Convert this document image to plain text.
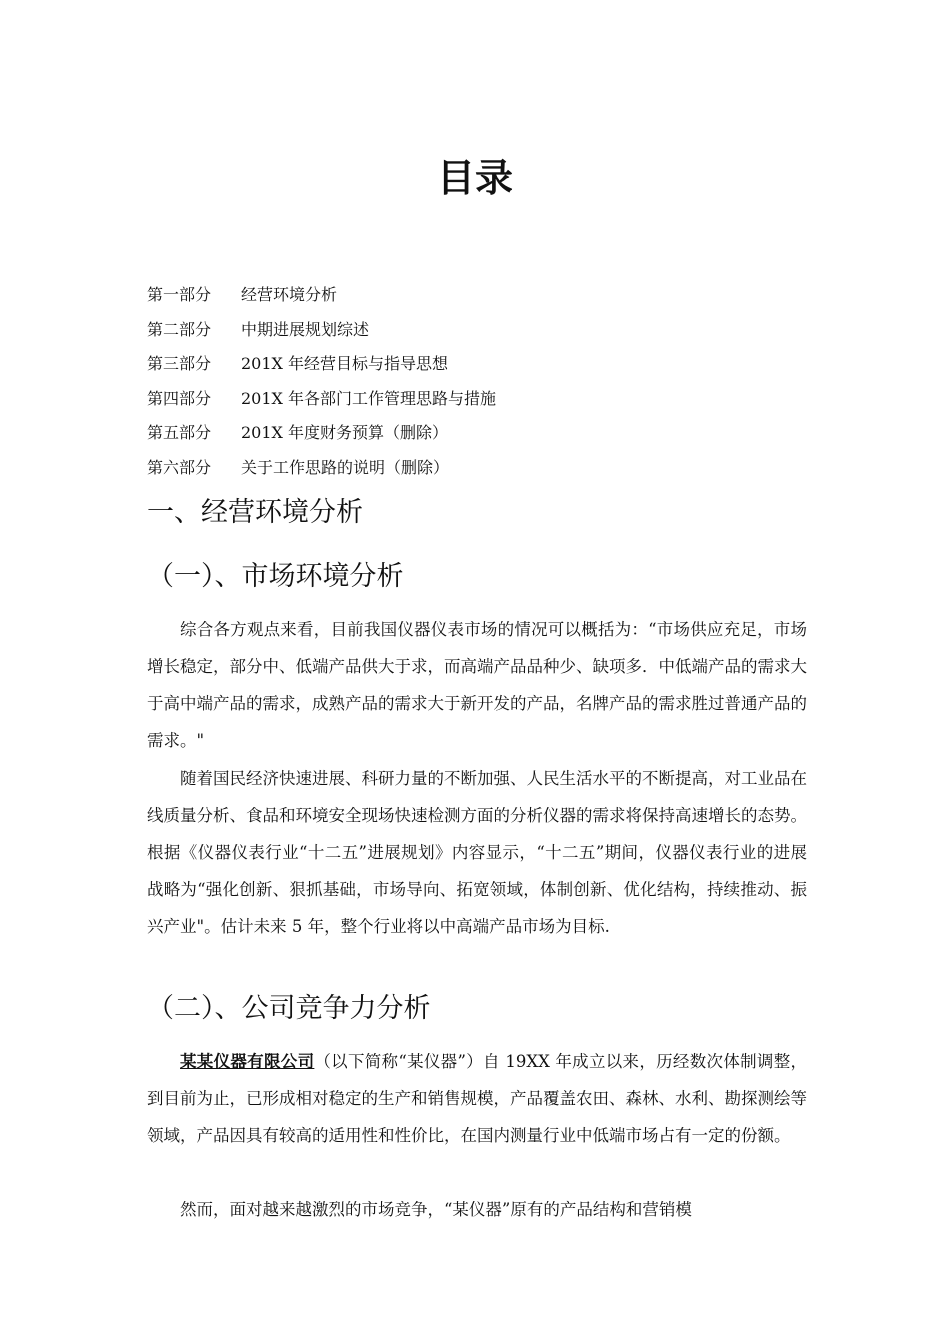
目录
第一部分 经营环境分析
第二部分 中期进展规划综述
第三部分 201X 年经营目标与指导思想
第四部分 201X 年各部门工作管理思路与措施
第五部分 201X 年度财务预算（删除）
第六部分 关于工作思路的说明（删除）
一、经营环境分析
（一）、市场环境分析

综合各方观点来看，目前我国仪器仪表市场的情况可以概括为：“市场供应充足，市场增长稳定，部分中、低端产品供大于求，而高端产品品种少、缺项多．中低端产品的需求大于高中端产品的需求，成熟产品的需求大于新开发的产品，名牌产品的需求胜过普通产品的需求。"

随着国民经济快速进展、科研力量的不断加强、人民生活水平的不断提高，对工业品在线质量分析、食品和环境安全现场快速检测方面的分析仪器的需求将保持高速增长的态势。根据《仪器仪表行业“十二五”进展规划》内容显示，“十二五”期间，仪器仪表行业的进展战略为“强化创新、狠抓基础，市场导向、拓宽领域，体制创新、优化结构，持续推动、振兴产业"。估计未来 5 年，整个行业将以中高端产品市场为目标.

（二）、公司竞争力分析

某某仪器有限公司（以下简称“某仪器”）自 19XX 年成立以来，历经数次体制调整，到目前为止，已形成相对稳定的生产和销售规模，产品覆盖农田、森林、水利、勘探测绘等领域，产品因具有较高的适用性和性价比，在国内测量行业中低端市场占有一定的份额。

然而，面对越来越激烈的市场竞争，“某仪器”原有的产品结构和营销模
